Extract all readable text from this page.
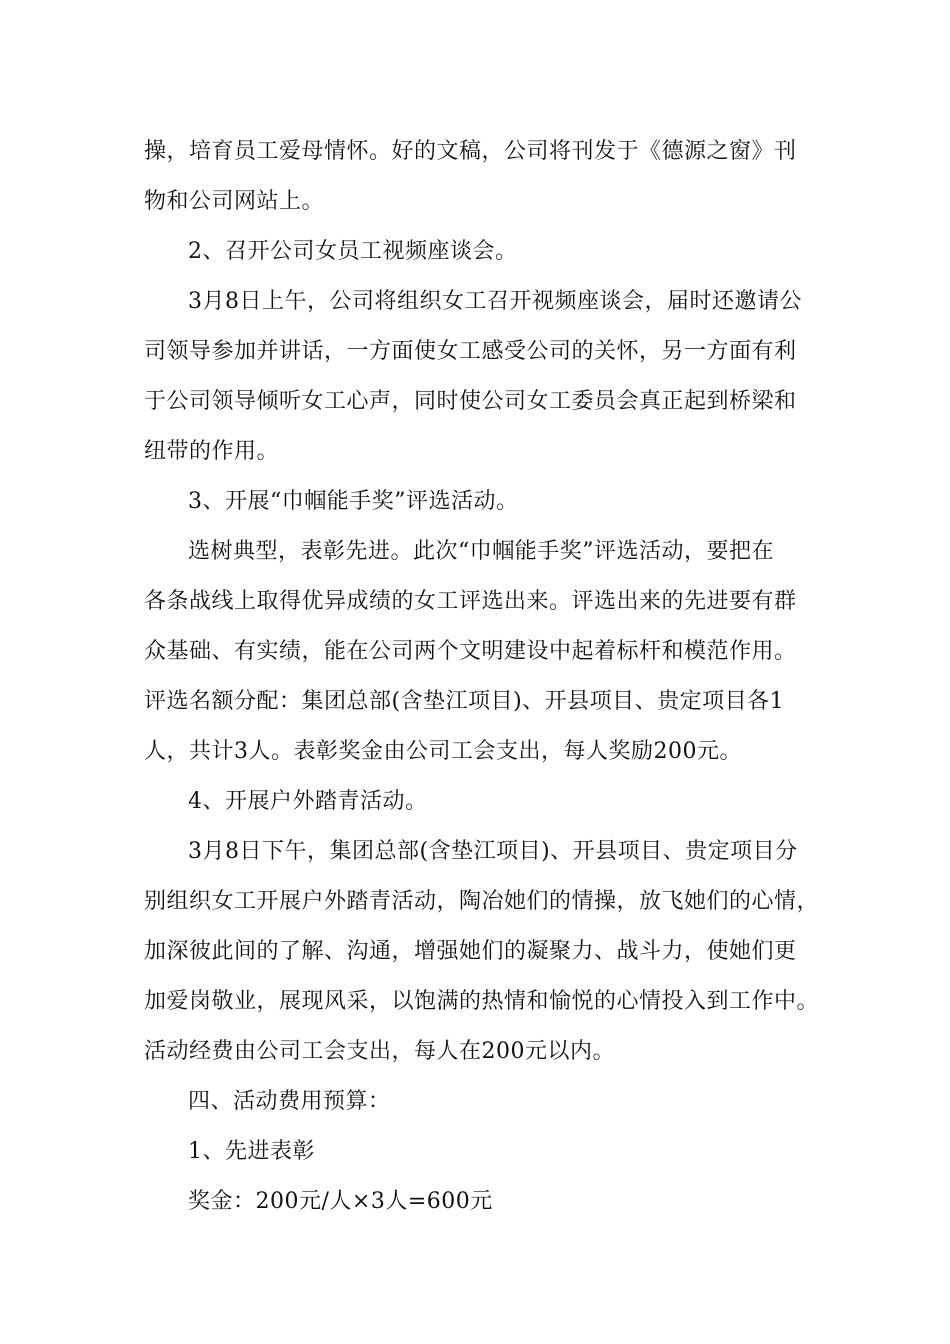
操，培育员工爱母情怀。好的文稿，公司将刊发于《德源之窗》刊
物和公司网站上。
2、召开公司女员工视频座谈会。
3月8日上午，公司将组织女工召开视频座谈会，届时还邀请公
司领导参加并讲话，一方面使女工感受公司的关怀，另一方面有利
于公司领导倾听女工心声，同时使公司女工委员会真正起到桥梁和
纽带的作用。
3、开展“巾帼能手奖”评选活动。
选树典型，表彰先进。此次“巾帼能手奖”评选活动，要把在
各条战线上取得优异成绩的女工评选出来。评选出来的先进要有群
众基础、有实绩，能在公司两个文明建设中起着标杆和模范作用。
评选名额分配：集团总部(含垫江项目)、开县项目、贵定项目各1
人，共计3人。表彰奖金由公司工会支出，每人奖励200元。
4、开展户外踏青活动。
3月8日下午，集团总部(含垫江项目)、开县项目、贵定项目分
别组织女工开展户外踏青活动，陶冶她们的情操，放飞她们的心情，
加深彼此间的了解、沟通，增强她们的凝聚力、战斗力，使她们更
加爱岗敬业，展现风采，以饱满的热情和愉悦的心情投入到工作中。
活动经费由公司工会支出，每人在200元以内。
四、活动费用预算：
1、先进表彰
奖金：200元/人×3人=600元
